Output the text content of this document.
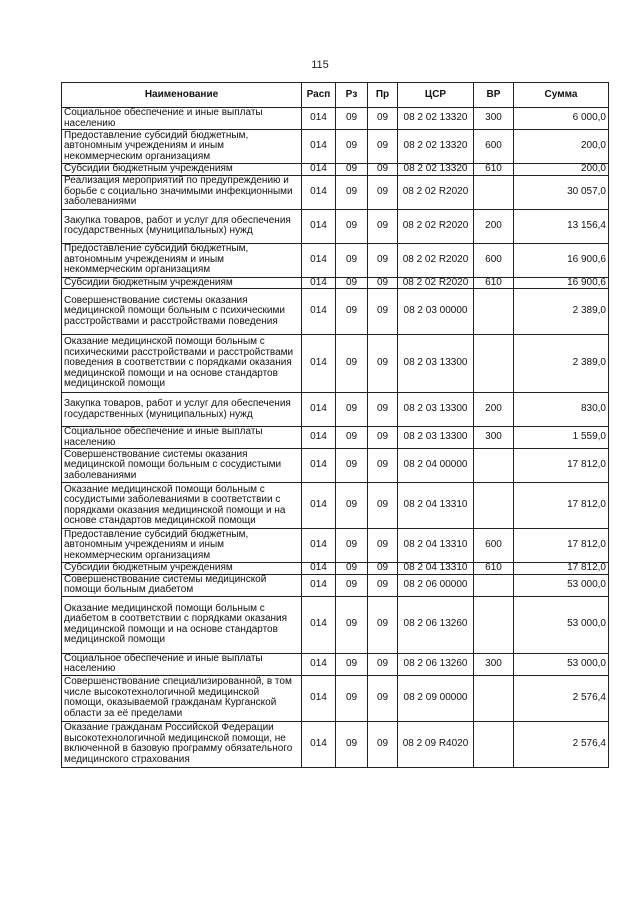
115
Наименование	Расп	Рз	Пр	ЦСР	ВР	Сумма
Социальное обеспечение и иные выплаты населению	014	09	09	08 2 02 13320	300	6 000,0
Предоставление субсидий бюджетным, автономным учреждениям и иным некоммерческим организациям	014	09	09	08 2 02 13320	600	200,0
Субсидии бюджетным учреждениям	014	09	09	08 2 02 13320	610	200,0
Реализация мероприятий по предупреждению и борьбе с социально значимыми инфекционными заболеваниями	014	09	09	08 2 02 R2020		30 057,0
Закупка товаров, работ и услуг для обеспечения государственных (муниципальных) нужд	014	09	09	08 2 02 R2020	200	13 156,4
Предоставление субсидий бюджетным, автономным учреждениям и иным некоммерческим организациям	014	09	09	08 2 02 R2020	600	16 900,6
Субсидии бюджетным учреждениям	014	09	09	08 2 02 R2020	610	16 900,6
Совершенствование системы оказания медицинской помощи больным с психическими расстройствами и расстройствами поведения	014	09	09	08 2 03 00000		2 389,0
Оказание медицинской помощи больным с психическими расстройствами и расстройствами поведения в соответствии с порядками оказания медицинской помощи и на основе стандартов медицинской помощи	014	09	09	08 2 03 13300		2 389,0
Закупка товаров, работ и услуг для обеспечения государственных (муниципальных) нужд	014	09	09	08 2 03 13300	200	830,0
Социальное обеспечение и иные выплаты населению	014	09	09	08 2 03 13300	300	1 559,0
Совершенствование системы оказания медицинской помощи больным с сосудистыми заболеваниями	014	09	09	08 2 04 00000		17 812,0
Оказание медицинской помощи больным с сосудистыми заболеваниями в соответствии с порядками оказания медицинской помощи и на основе стандартов медицинской помощи	014	09	09	08 2 04 13310		17 812,0
Предоставление субсидий бюджетным, автономным учреждениям и иным некоммерческим организациям	014	09	09	08 2 04 13310	600	17 812,0
Субсидии бюджетным учреждениям	014	09	09	08 2 04 13310	610	17 812,0
Совершенствование системы медицинской помощи больным диабетом	014	09	09	08 2 06 00000		53 000,0
Оказание медицинской помощи больным с диабетом в соответствии с порядками оказания медицинской помощи и на основе стандартов медицинской помощи	014	09	09	08 2 06 13260		53 000,0
Социальное обеспечение и иные выплаты населению	014	09	09	08 2 06 13260	300	53 000,0
Совершенствование специализированной, в том числе высокотехнологичной медицинской помощи, оказываемой гражданам Курганской области за её пределами	014	09	09	08 2 09 00000		2 576,4
Оказание гражданам Российской Федерации высокотехнологичной медицинской помощи, не включенной в базовую программу обязательного медицинского страхования	014	09	09	08 2 09 R4020		2 576,4
